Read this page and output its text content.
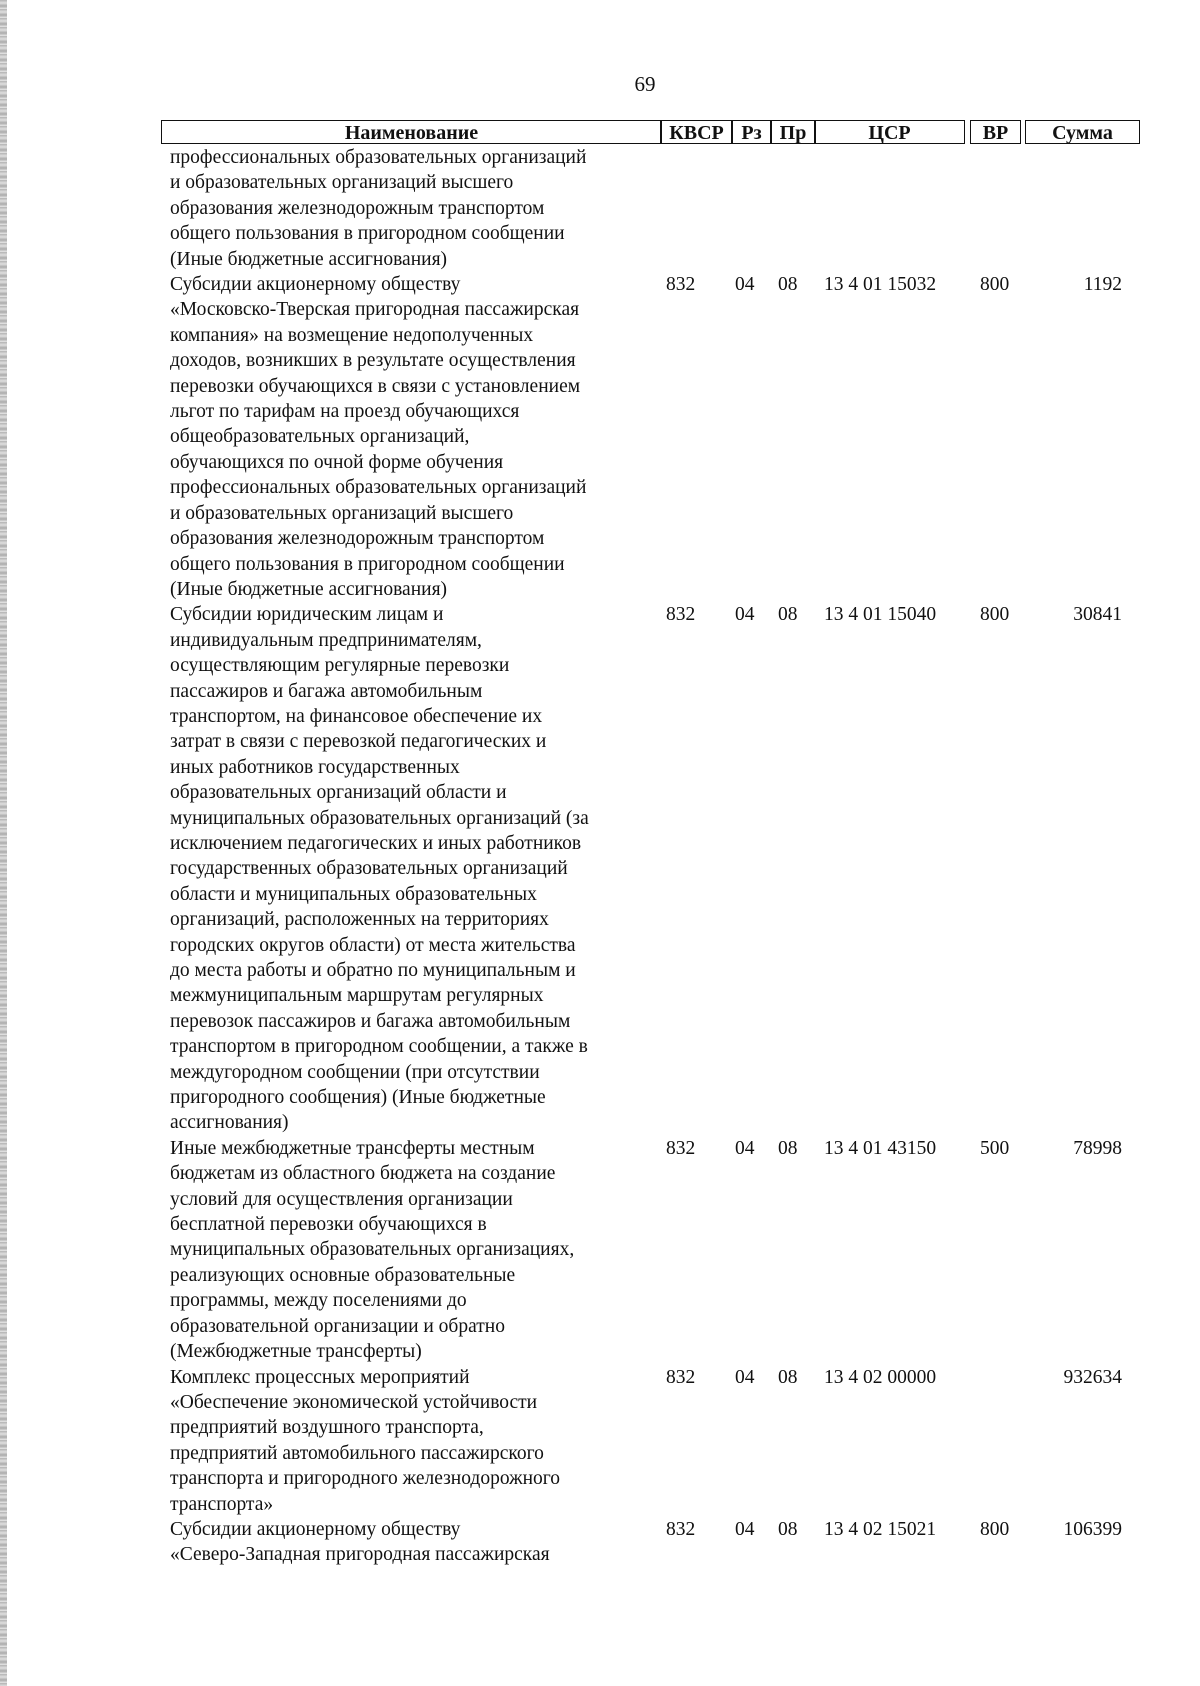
69
Наименование	КВСР Рз Пр	ЦСР	ВР	Сумма
профессиональных образовательных организаций
и образовательных организаций высшего
образования железнодорожным транспортом
общего пользования в пригородном сообщении
(Иные бюджетные ассигнования)
Субсидии акционерному обществу
«Московско-Тверская пригородная пассажирская
компания» на возмещение недополученных
доходов, возникших в результате осуществления
перевозки обучающихся в связи с установлением
льгот по тарифам на проезд обучающихся
общеобразовательных организаций,
обучающихся по очной форме обучения
профессиональных образовательных организаций
и образовательных организаций высшего
образования железнодорожным транспортом
общего пользования в пригородном сообщении
(Иные бюджетные ассигнования)
832 04 08 13 4 01 15032 800	1192
Субсидии юридическим лицам и
индивидуальным предпринимателям,
осуществляющим регулярные перевозки
пассажиров и багажа автомобильным
транспортом, на финансовое обеспечение их
затрат в связи с перевозкой педагогических и
иных работников государственных
образовательных организаций области и
муниципальных образовательных организаций (за
исключением педагогических и иных работников
государственных образовательных организаций
области и муниципальных образовательных
организаций, расположенных на территориях
городских округов области) от места жительства
до места работы и обратно по муниципальным и
межмуниципальным маршрутам регулярных
перевозок пассажиров и багажа автомобильным
транспортом в пригородном сообщении, а также в
междугородном сообщении (при отсутствии
пригородного сообщения) (Иные бюджетные
ассигнования)
832 04 08 13 4 01 15040 800	30841
Иные межбюджетные трансферты местным
бюджетам из областного бюджета на создание
условий для осуществления организации
бесплатной перевозки обучающихся в
муниципальных образовательных организациях,
реализующих основные образовательные
программы, между поселениями до
образовательной организации и обратно
(Межбюджетные трансферты)
832 04 08 13 4 01 43150 500	78998
Комплекс процессных мероприятий
«Обеспечение экономической устойчивости
предприятий воздушного транспорта,
предприятий автомобильного пассажирского
транспорта и пригородного железнодорожного
транспорта»
832 04 08 13 4 02 00000	932634
Субсидии акционерному обществу
«Северо-Западная пригородная пассажирская
832 04 08 13 4 02 15021 800	106399
